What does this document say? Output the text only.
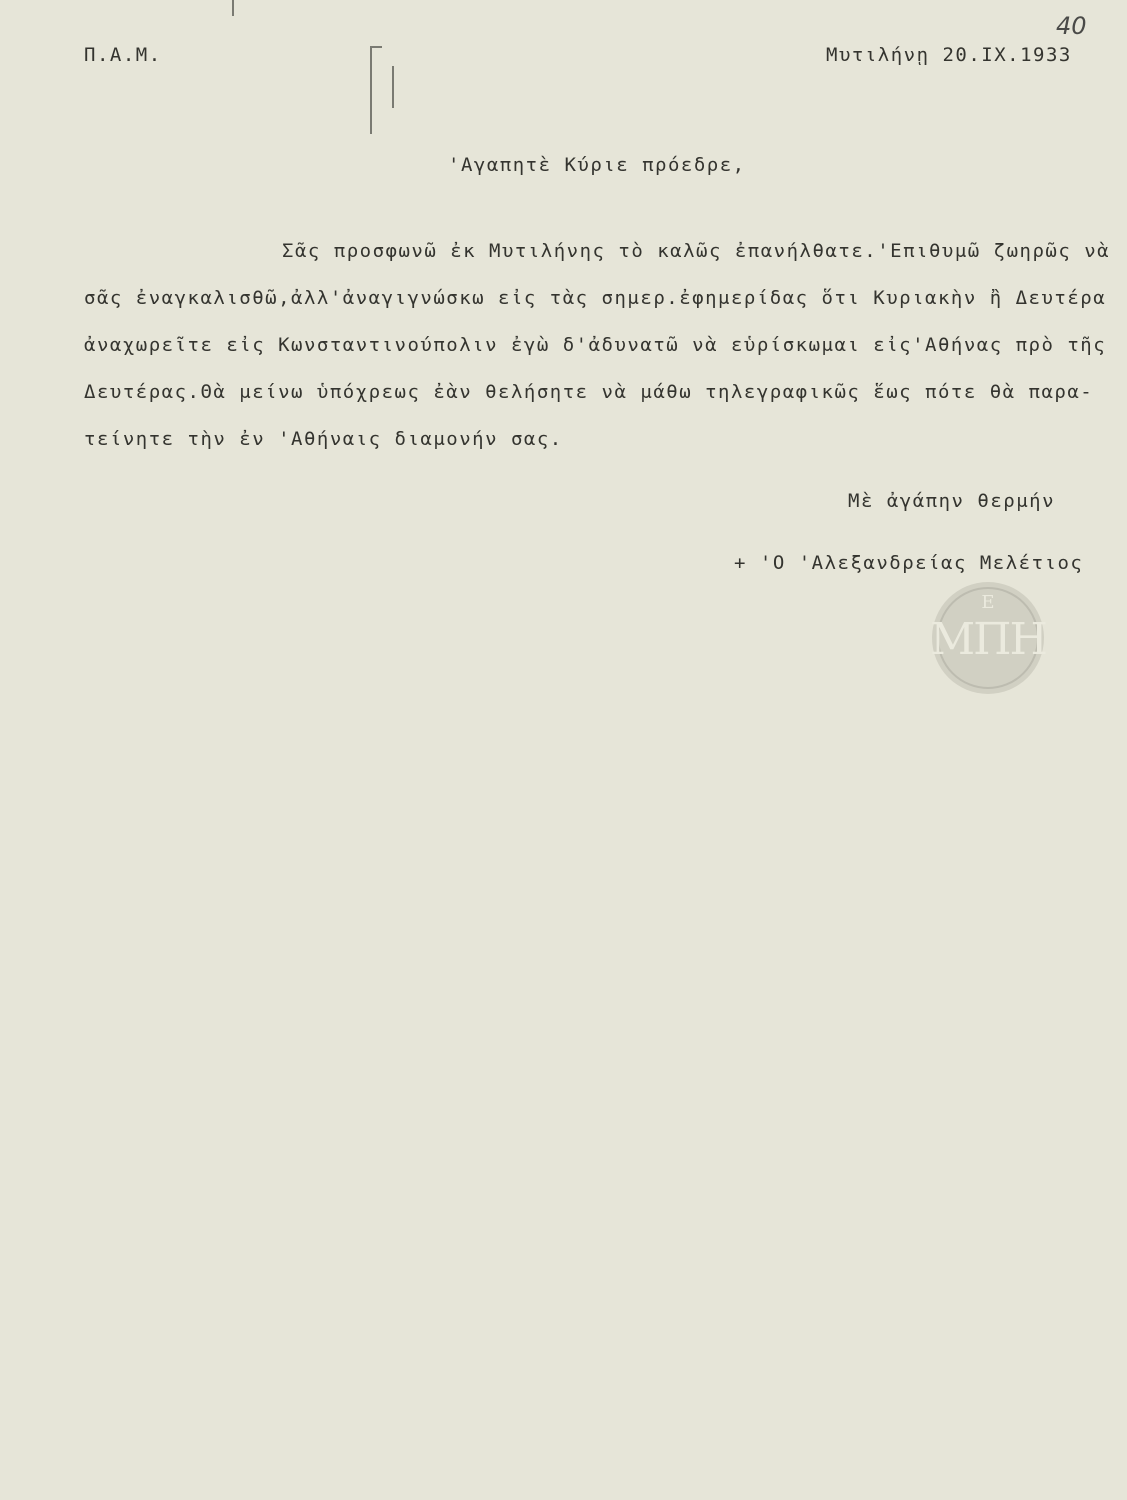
40
Π.Α.Μ.	Μυτιλήνῃ 20.ΙΧ.1933
'Αγαπητὲ Κύριε πρόεδρε,
Σᾶς προσφωνῶ ἐκ Μυτιλήνης τὸ καλῶς ἐπανήλθατε.'Επιθυμῶ ζωηρῶς νὰ
σᾶς ἐναγκαλισθῶ,ἀλλ'ἀναγιγνώσκω εἰς τὰς σημερ.ἐφημερίδας ὅτι Κυριακὴν ἢ Δευτέρα
ἀναχωρεῖτε εἰς Κωνσταντινούπολιν ἐγὼ δ'ἀδυνατῶ νὰ εὑρίσκωμαι εἰς'Αθήνας πρὸ τῆς
Δευτέρας.Θὰ μείνω ὑπόχρεως ἐὰν θελήσητε νὰ μάθω τηλεγραφικῶς ἕως πότε θὰ παρα-
τείνητε τὴν ἐν 'Αθήναις διαμονήν σας.
Μὲ ἀγάπην θερμήν
+ 'Ο 'Αλεξανδρείας Μελέτιος
ΜΠΗ
Ε
